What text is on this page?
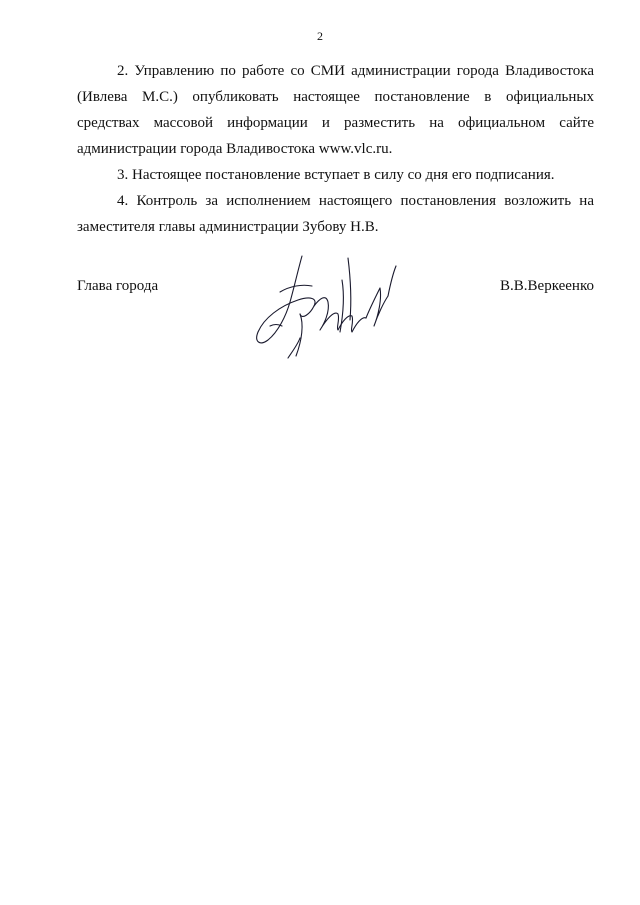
2

2. Управлению по работе со СМИ администрации города Владивостока (Ивлева М.С.) опубликовать настоящее постановление в официальных средствах массовой информации и разместить на официальном сайте администрации города Владивостока www.vlc.ru.

3. Настоящее постановление вступает в силу со дня его подписания.

4. Контроль за исполнением настоящего постановления возложить на заместителя главы администрации Зубову Н.В.

Глава города	В.В.Веркеенко
